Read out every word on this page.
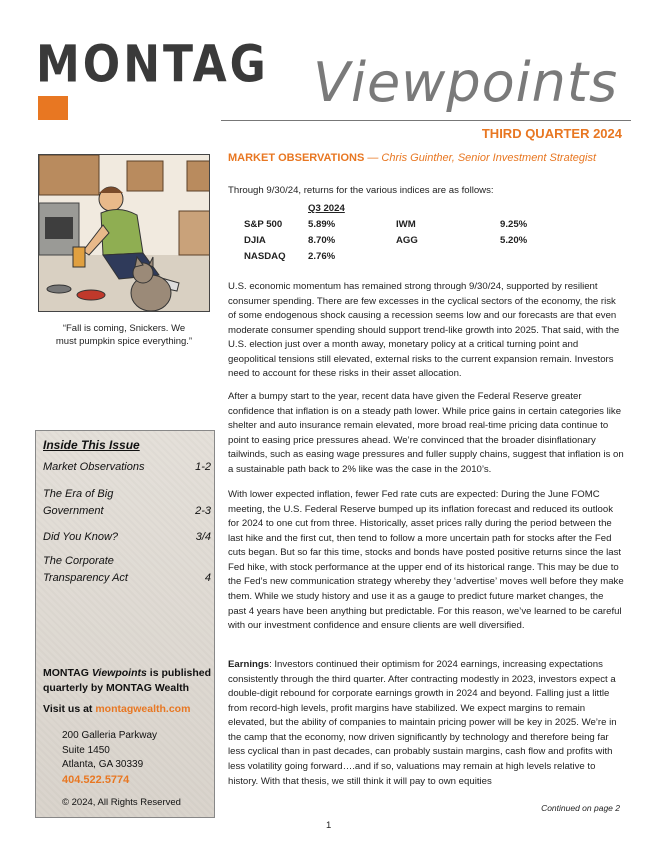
MONTAG Viewpoints
THIRD QUARTER 2024
“Fall is coming, Snickers. We
must pumpkin spice everything.”
Inside This Issue
Market Observations	1-2
The Era of Big Government	2-3
Did You Know?	3/4
The Corporate Transparency Act	4
MONTAG Viewpoints is published
quarterly by MONTAG Wealth
Visit us at montagwealth.com
200 Galleria Parkway
Suite 1450
Atlanta, GA 30339
404.522.5774
© 2024, All Rights Reserved
MARKET OBSERVATIONS — Chris Guinther, Senior Investment Strategist
Through 9/30/24, returns for the various indices are as follows:
Q3 2024
S&P 500	5.89%	IWM	9.25%
DJIA	8.70%	AGG	5.20%
NASDAQ 2.76%
U.S. economic momentum has remained strong through 9/30/24, supported by resilient consumer spending. There are few excesses in the cyclical sectors of the economy, the risk of some endogenous shock causing a recession seems low and our forecasts are that even moderate consumer spending should support trend-like growth into 2025. That said, with the U.S. election just over a month away, monetary policy at a critical turning point and geopolitical tensions still elevated, external risks to the current expansion remain. Investors need to account for these risks in their asset allocation.
After a bumpy start to the year, recent data have given the Federal Reserve greater confidence that inflation is on a steady path lower. While price gains in certain categories like shelter and auto insurance remain elevated, more broad real-time pricing data continue to point to easing price pressures ahead. We’re convinced that the broader disinflationary tailwinds, such as easing wage pressures and fuller supply chains, suggest that inflation is on a sustainable path back to 2% like was the case in the 2010’s.
With lower expected inflation, fewer Fed rate cuts are expected: During the June FOMC meeting, the U.S. Federal Reserve bumped up its inflation forecast and reduced its outlook for 2024 to one cut from three. Historically, asset prices rally during the period between the last hike and the first cut, then tend to follow a more uncertain path for stocks after the Fed cuts began. But so far this time, stocks and bonds have posted positive returns since the last Fed hike, with stock performance at the upper end of its historical range. This may be due to the Fed’s new communication strategy whereby they ‘advertise’ moves well before they make them. While we study history and use it as a gauge to predict future market changes, the past 4 years have been anything but predictable. For this reason, we’ve learned to be careful with our investment confidence and ensure clients are well diversified.
Earnings: Investors continued their optimism for 2024 earnings, increasing expectations consistently through the third quarter. After contracting modestly in 2023, investors expect a double-digit rebound for corporate earnings growth in 2024 and beyond. Falling just a little from record-high levels, profit margins have stabilized. We expect margins to remain elevated, but the ability of companies to maintain pricing power will be key in 2025. We’re in the camp that the economy, now driven significantly by technology and therefore being far less cyclical than in past decades, can probably sustain margins, cash flow and profits with less volatility going forward….and if so, valuations may remain at high levels relative to history. With that thesis, we still think it will pay to own equities
Continued on page 2
1
